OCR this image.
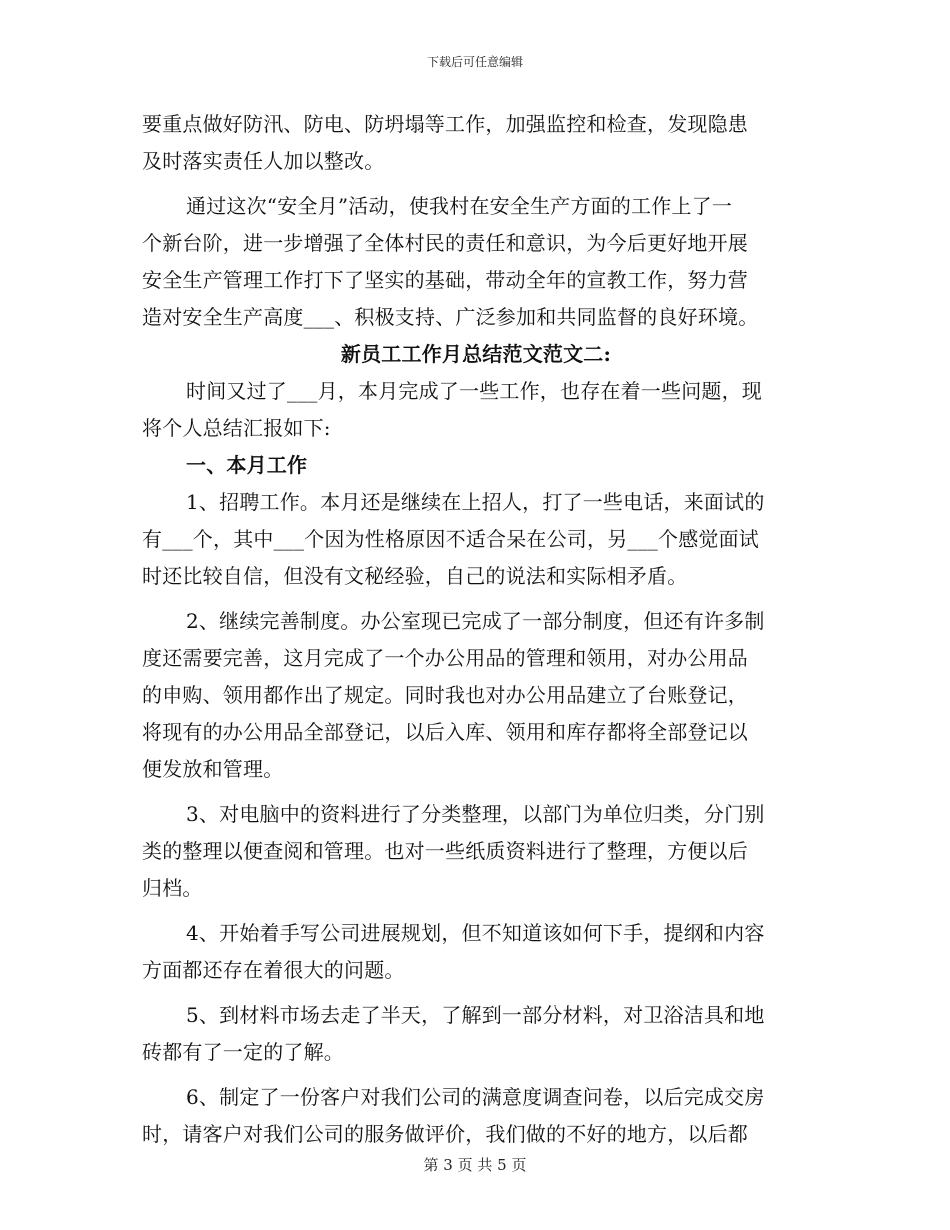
下载后可任意编辑
要重点做好防汛、防电、防坍塌等工作，加强监控和检查，发现隐患
及时落实责任人加以整改。
通过这次“安全月”活动，使我村在安全生产方面的工作上了一
个新台阶，进一步增强了全体村民的责任和意识，为今后更好地开展
安全生产管理工作打下了坚实的基础，带动全年的宣教工作，努力营
造对安全生产高度___、积极支持、广泛参加和共同监督的良好环境。
新员工工作月总结范文范文二:
时间又过了___月，本月完成了一些工作，也存在着一些问题，现
将个人总结汇报如下:
一、本月工作
1、招聘工作。本月还是继续在上招人，打了一些电话，来面试的
有___个，其中___个因为性格原因不适合呆在公司，另___个感觉面试
时还比较自信，但没有文秘经验，自己的说法和实际相矛盾。
2、继续完善制度。办公室现已完成了一部分制度，但还有许多制
度还需要完善，这月完成了一个办公用品的管理和领用，对办公用品
的申购、领用都作出了规定。同时我也对办公用品建立了台账登记，
将现有的办公用品全部登记，以后入库、领用和库存都将全部登记以
便发放和管理。
3、对电脑中的资料进行了分类整理，以部门为单位归类，分门别
类的整理以便查阅和管理。也对一些纸质资料进行了整理，方便以后
归档。
4、开始着手写公司进展规划，但不知道该如何下手，提纲和内容
方面都还存在着很大的问题。
5、到材料市场去走了半天，了解到一部分材料，对卫浴洁具和地
砖都有了一定的了解。
6、制定了一份客户对我们公司的满意度调查问卷，以后完成交房
时，请客户对我们公司的服务做评价，我们做的不好的地方，以后都
第 3 页 共 5 页
